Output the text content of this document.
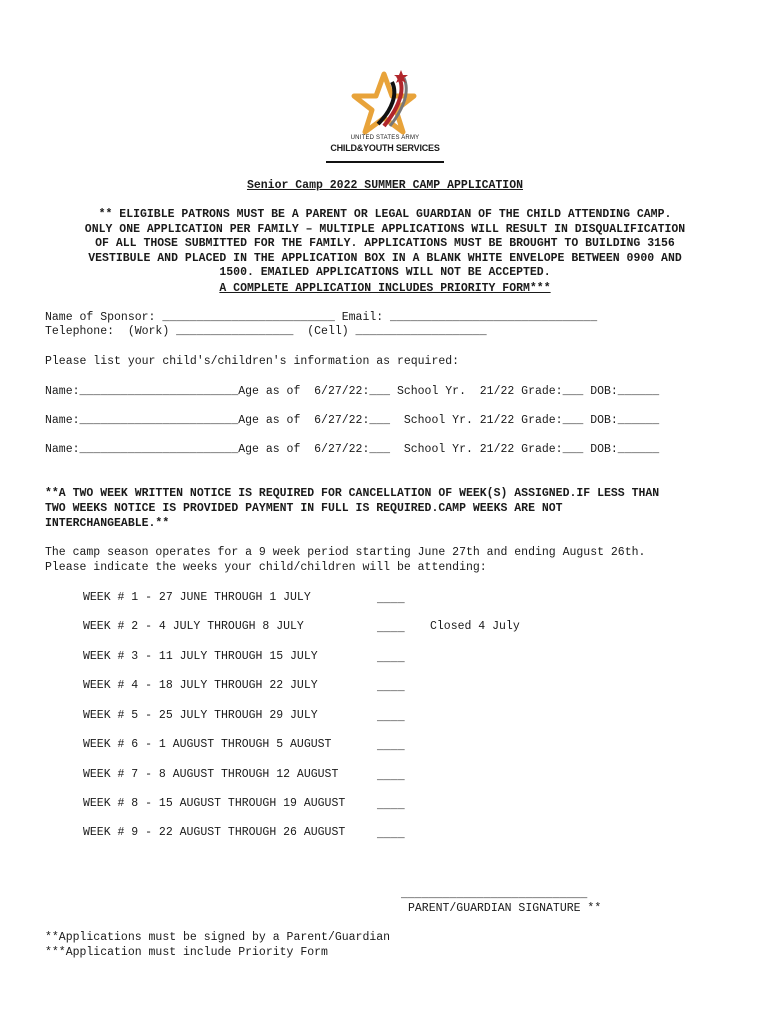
UNITED STATES ARMY
CHILD&YOUTH SERVICES
Senior Camp 2022 SUMMER CAMP APPLICATION
** ELIGIBLE PATRONS MUST BE A PARENT OR LEGAL GUARDIAN OF THE CHILD ATTENDING CAMP.
ONLY ONE APPLICATION PER FAMILY – MULTIPLE APPLICATIONS WILL RESULT IN DISQUALIFICATION
OF ALL THOSE SUBMITTED FOR THE FAMILY. APPLICATIONS MUST BE BROUGHT TO BUILDING 3156
VESTIBULE AND PLACED IN THE APPLICATION BOX IN A BLANK WHITE ENVELOPE BETWEEN 0900 AND
1500. EMAILED APPLICATIONS WILL NOT BE ACCEPTED.
A COMPLETE APPLICATION INCLUDES PRIORITY FORM***
Name of Sponsor: _________________________ Email: ______________________________
Telephone:  (Work) _________________  (Cell) ___________________
Please list your child's/children's information as required:
Name:_______________________Age as of  6/27/22:___ School Yr.  21/22 Grade:___ DOB:______
Name:_______________________Age as of  6/27/22:___  School Yr. 21/22 Grade:___ DOB:______
Name:_______________________Age as of  6/27/22:___  School Yr. 21/22 Grade:___ DOB:______
**A TWO WEEK WRITTEN NOTICE IS REQUIRED FOR CANCELLATION OF WEEK(S) ASSIGNED.IF LESS THAN
TWO WEEKS NOTICE IS PROVIDED PAYMENT IN FULL IS REQUIRED.CAMP WEEKS ARE NOT
INTERCHANGEABLE.**
The camp season operates for a 9 week period starting June 27th and ending August 26th.
Please indicate the weeks your child/children will be attending:
WEEK # 1 - 27 JUNE THROUGH 1 JULY	____
WEEK # 2 - 4 JULY THROUGH 8 JULY	____ Closed 4 July
WEEK # 3 - 11 JULY THROUGH 15 JULY	____
WEEK # 4 - 18 JULY THROUGH 22 JULY	____
WEEK # 5 - 25 JULY THROUGH 29 JULY	____
WEEK # 6 - 1 AUGUST THROUGH 5 AUGUST	____
WEEK # 7 - 8 AUGUST THROUGH 12 AUGUST	____
WEEK # 8 - 15 AUGUST THROUGH 19 AUGUST	____
WEEK # 9 - 22 AUGUST THROUGH 26 AUGUST	____
___________________________
PARENT/GUARDIAN SIGNATURE **
**Applications must be signed by a Parent/Guardian
***Application must include Priority Form
